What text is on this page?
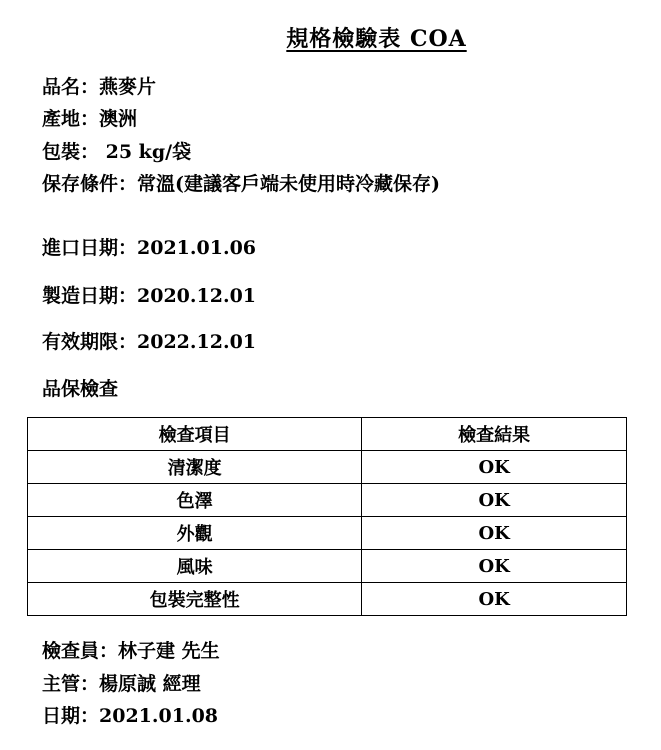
規格檢驗表 COA
品名：燕麥片
產地：澳洲
包裝： 25 kg/袋
保存條件：常溫(建議客戶端未使用時冷藏保存)
進口日期：2021.01.06
製造日期：2020.12.01
有效期限：2022.12.01
品保檢查
檢查項目	檢查結果
清潔度	OK
色澤	OK
外觀	OK
風味	OK
包裝完整性	OK
檢查員：林子建 先生
主管：楊原誠 經理
日期：2021.01.08
